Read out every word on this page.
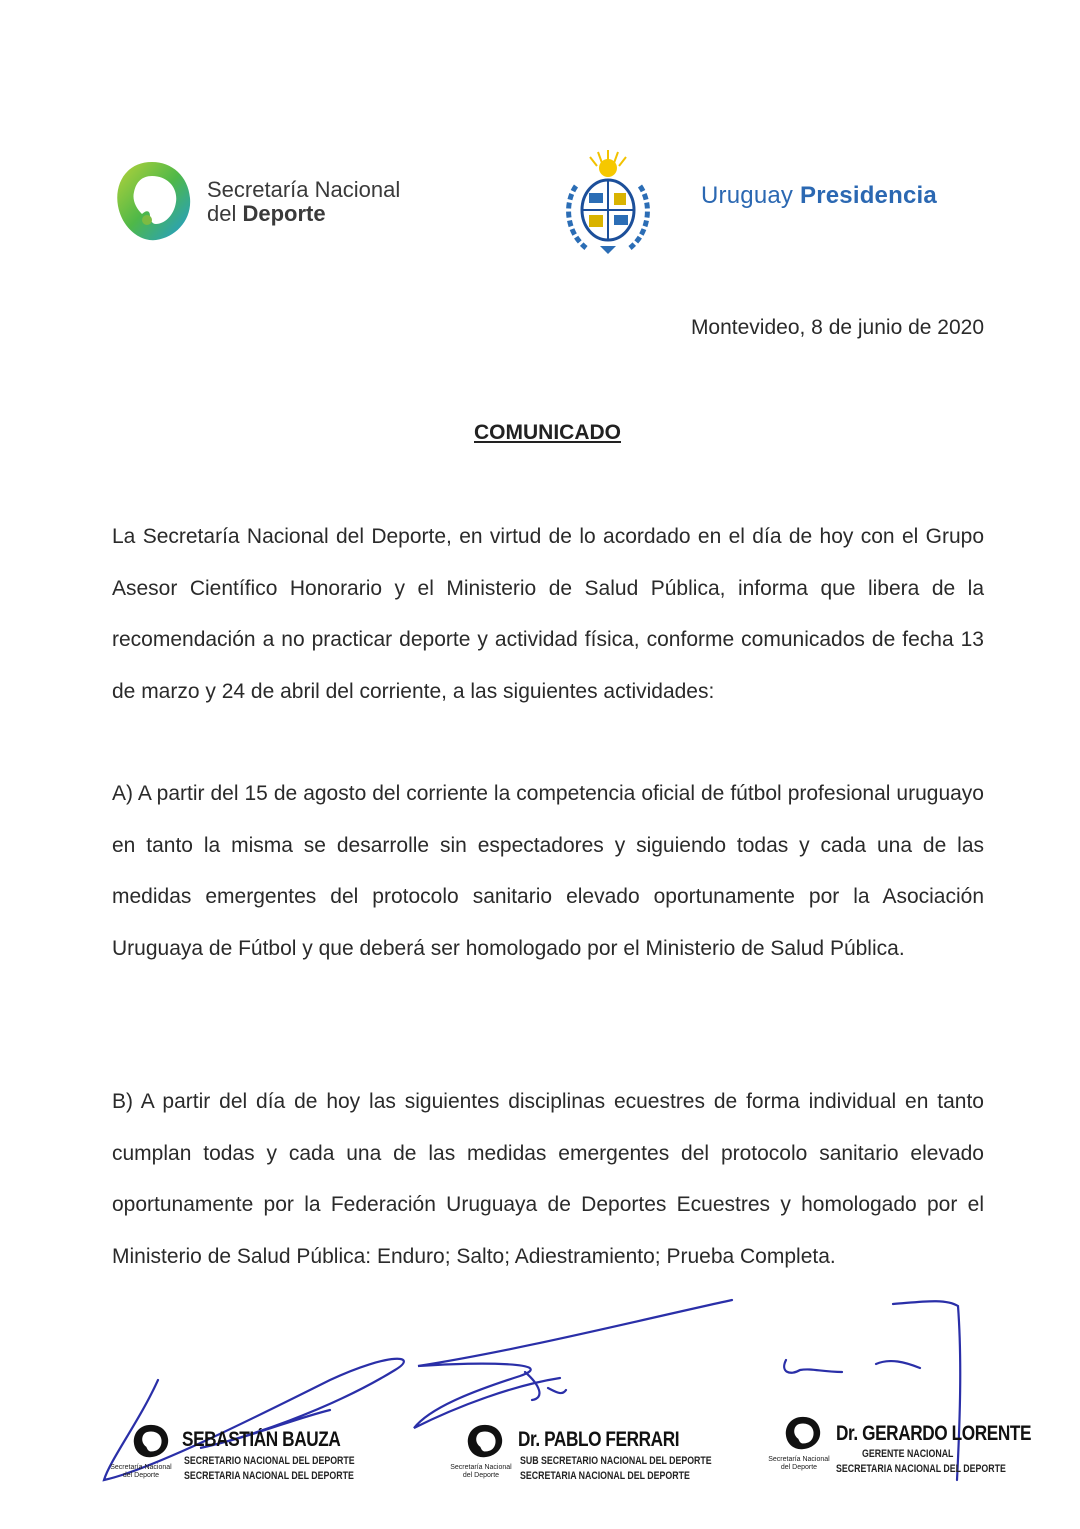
Secretaría Nacional
del Deporte
Uruguay Presidencia
Montevideo, 8 de junio de 2020
COMUNICADO
La Secretaría Nacional del Deporte, en virtud de lo acordado en el día de hoy con el Grupo Asesor Científico Honorario y el Ministerio de Salud Pública, informa que libera de la recomendación a no practicar deporte y actividad física, conforme comunicados de fecha 13 de marzo y 24 de abril del corriente, a las siguientes actividades:
A) A partir del 15 de agosto del corriente la competencia oficial de fútbol profesional uruguayo en tanto la misma se desarrolle sin espectadores y siguiendo todas y cada una de las medidas emergentes del protocolo sanitario elevado oportunamente por la Asociación Uruguaya de Fútbol y que deberá ser homologado por el Ministerio de Salud Pública.
B) A partir del día de hoy las siguientes disciplinas ecuestres de forma individual en tanto cumplan todas y cada una de las medidas emergentes del protocolo sanitario elevado oportunamente por la Federación Uruguaya de Deportes Ecuestres y homologado por el Ministerio de Salud Pública: Enduro; Salto; Adiestramiento; Prueba Completa.
Secretaría Nacional
del Deporte
SEBASTIÁN BAUZA
SECRETARIO NACIONAL DEL DEPORTE
SECRETARIA NACIONAL DEL DEPORTE
Secretaría Nacional
del Deporte
Dr. PABLO FERRARI
SUB SECRETARIO NACIONAL DEL DEPORTE
SECRETARIA NACIONAL DEL DEPORTE
Secretaría Nacional
del Deporte
Dr. GERARDO LORENTE
GERENTE NACIONAL
SECRETARIA NACIONAL DEL DEPORTE
